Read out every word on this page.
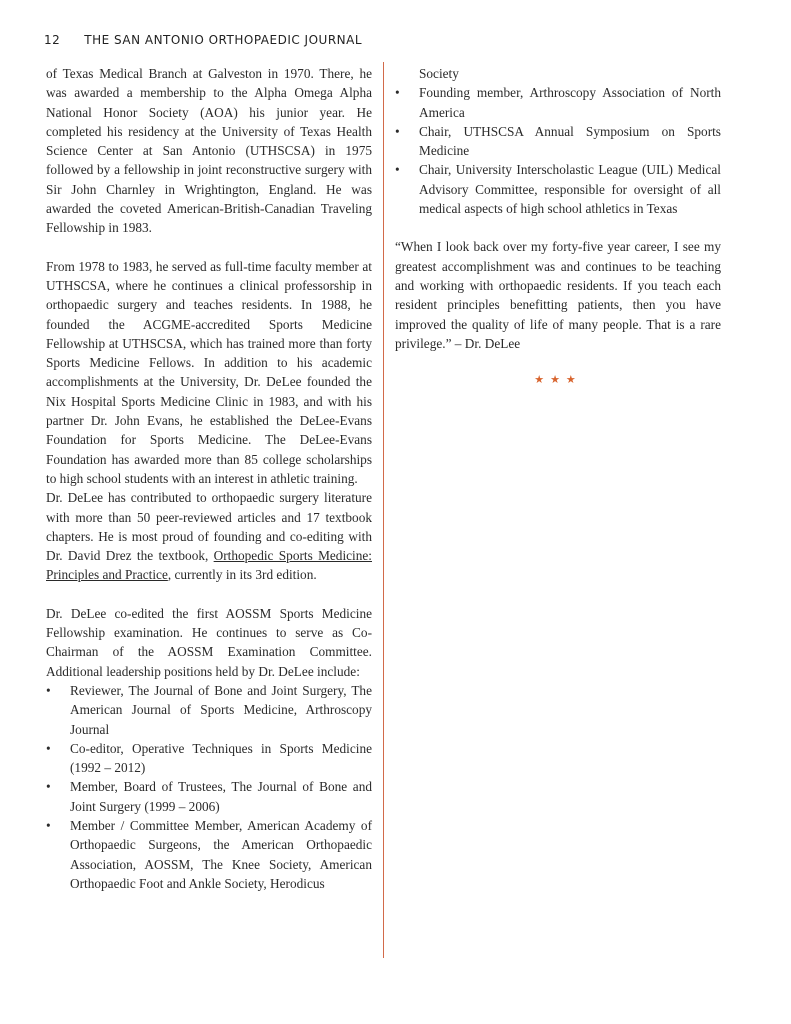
12 THE SAN ANTONIO ORTHOPAEDIC JOURNAL

of Texas Medical Branch at Galveston in 1970. There, he was awarded a membership to the Alpha Omega Alpha National Honor Society (AOA) his junior year. He completed his residency at the University of Texas Health Science Center at San Antonio (UTHSCSA) in 1975 followed by a fellowship in joint reconstructive surgery with Sir John Charnley in Wrightington, England. He was awarded the coveted American-British-Canadian Traveling Fellowship in 1983.

From 1978 to 1983, he served as full-time faculty member at UTHSCSA, where he continues a clinical professorship in orthopaedic surgery and teaches residents. In 1988, he founded the ACGME-accredited Sports Medicine Fellowship at UTHSCSA, which has trained more than forty Sports Medicine Fellows. In addition to his academic accomplishments at the University, Dr. DeLee founded the Nix Hospital Sports Medicine Clinic in 1983, and with his partner Dr. John Evans, he established the DeLee-Evans Foundation for Sports Medicine. The DeLee-Evans Foundation has awarded more than 85 college scholarships to high school students with an interest in athletic training.

Dr. DeLee has contributed to orthopaedic surgery literature with more than 50 peer-reviewed articles and 17 textbook chapters. He is most proud of founding and co-editing with Dr. David Drez the textbook, Orthopedic Sports Medicine: Principles and Practice, currently in its 3rd edition.

Dr. DeLee co-edited the first AOSSM Sports Medicine Fellowship examination. He continues to serve as Co-Chairman of the AOSSM Examination Committee. Additional leadership positions held by Dr. DeLee include:

• Reviewer, The Journal of Bone and Joint Surgery, The American Journal of Sports Medicine, Arthroscopy Journal
• Co-editor, Operative Techniques in Sports Medicine (1992 – 2012)
• Member, Board of Trustees, The Journal of Bone and Joint Surgery (1999 – 2006)
• Member / Committee Member, American Academy of Orthopaedic Surgeons, the American Orthopaedic Association, AOSSM, The Knee Society, American Orthopaedic Foot and Ankle Society, Herodicus
Society
• Founding member, Arthroscopy Association of North America
• Chair, UTHSCSA Annual Symposium on Sports Medicine
• Chair, University Interscholastic League (UIL) Medical Advisory Committee, responsible for oversight of all medical aspects of high school athletics in Texas

“When I look back over my forty-five year career, I see my greatest accomplishment was and continues to be teaching and working with orthopaedic residents. If you teach each resident principles benefitting patients, then you have improved the quality of life of many people. That is a rare privilege.” – Dr. DeLee

★★★
